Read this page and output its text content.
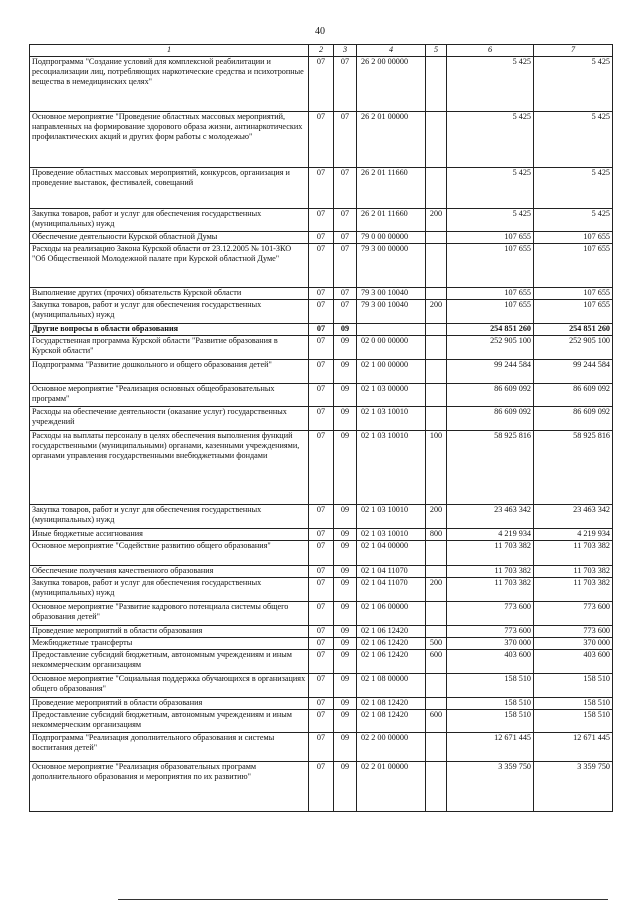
40
1	2	3	4	5	6	7
Подпрограмма "Создание условий для комплексной реабилитации и ресоциализации лиц, потребляющих наркотические средства и психотропные вещества в немедицинских целях"	07	07	26 2 00 00000		5 425	5 425
Основное мероприятие "Проведение областных массовых мероприятий, направленных на формирование здорового образа жизни, антинаркотических профилактических акций и других форм работы с молодежью"	07	07	26 2 01 00000		5 425	5 425
Проведение областных массовых мероприятий, конкурсов, организация и проведение выставок, фестивалей, совещаний	07	07	26 2 01 11660		5 425	5 425
Закупка товаров, работ и услуг для обеспечения государственных (муниципальных) нужд	07	07	26 2 01 11660	200	5 425	5 425
Обеспечение деятельности Курской областной Думы	07	07	79 0 00 00000		107 655	107 655
Расходы на реализацию Закона Курской области от 23.12.2005 № 101-ЗКО "Об Общественной Молодежной палате при Курской областной Думе"	07	07	79 3 00 00000		107 655	107 655
Выполнение других (прочих) обязательств Курской области	07	07	79 3 00 10040		107 655	107 655
Закупка товаров, работ и услуг для обеспечения государственных (муниципальных) нужд	07	07	79 3 00 10040	200	107 655	107 655
Другие вопросы в области образования	07	09			254 851 260	254 851 260
Государственная программа Курской области "Развитие образования в Курской области"	07	09	02 0 00 00000		252 905 100	252 905 100
Подпрограмма "Развитие дошкольного и общего образования детей"	07	09	02 1 00 00000		99 244 584	99 244 584
Основное мероприятие "Реализация основных общеобразовательных программ"	07	09	02 1 03 00000		86 609 092	86 609 092
Расходы на обеспечение деятельности (оказание услуг) государственных учреждений	07	09	02 1 03 10010		86 609 092	86 609 092
Расходы на выплаты персоналу в целях обеспечения выполнения функций государственными (муниципальными) органами, казенными учреждениями, органами управления государственными внебюджетными фондами	07	09	02 1 03 10010	100	58 925 816	58 925 816
Закупка товаров, работ и услуг для обеспечения государственных (муниципальных) нужд	07	09	02 1 03 10010	200	23 463 342	23 463 342
Иные бюджетные ассигнования	07	09	02 1 03 10010	800	4 219 934	4 219 934
Основное мероприятие "Содействие развитию общего образования"	07	09	02 1 04 00000		11 703 382	11 703 382
Обеспечение получения качественного образования	07	09	02 1 04 11070		11 703 382	11 703 382
Закупка товаров, работ и услуг для обеспечения государственных (муниципальных) нужд	07	09	02 1 04 11070	200	11 703 382	11 703 382
Основное мероприятие "Развитие кадрового потенциала системы общего образования детей"	07	09	02 1 06 00000		773 600	773 600
Проведение мероприятий в области образования	07	09	02 1 06 12420		773 600	773 600
Межбюджетные трансферты	07	09	02 1 06 12420	500	370 000	370 000
Предоставление субсидий бюджетным, автономным учреждениям и иным некоммерческим организациям	07	09	02 1 06 12420	600	403 600	403 600
Основное мероприятие "Социальная поддержка обучающихся в организациях общего образования"	07	09	02 1 08 00000		158 510	158 510
Проведение мероприятий в области образования	07	09	02 1 08 12420		158 510	158 510
Предоставление субсидий бюджетным, автономным учреждениям и иным некоммерческим организациям	07	09	02 1 08 12420	600	158 510	158 510
Подпрограмма "Реализация дополнительного образования и системы воспитания детей"	07	09	02 2 00 00000		12 671 445	12 671 445
Основное мероприятие "Реализация образовательных программ дополнительного образования и мероприятия по их развитию"	07	09	02 2 01 00000		3 359 750	3 359 750
